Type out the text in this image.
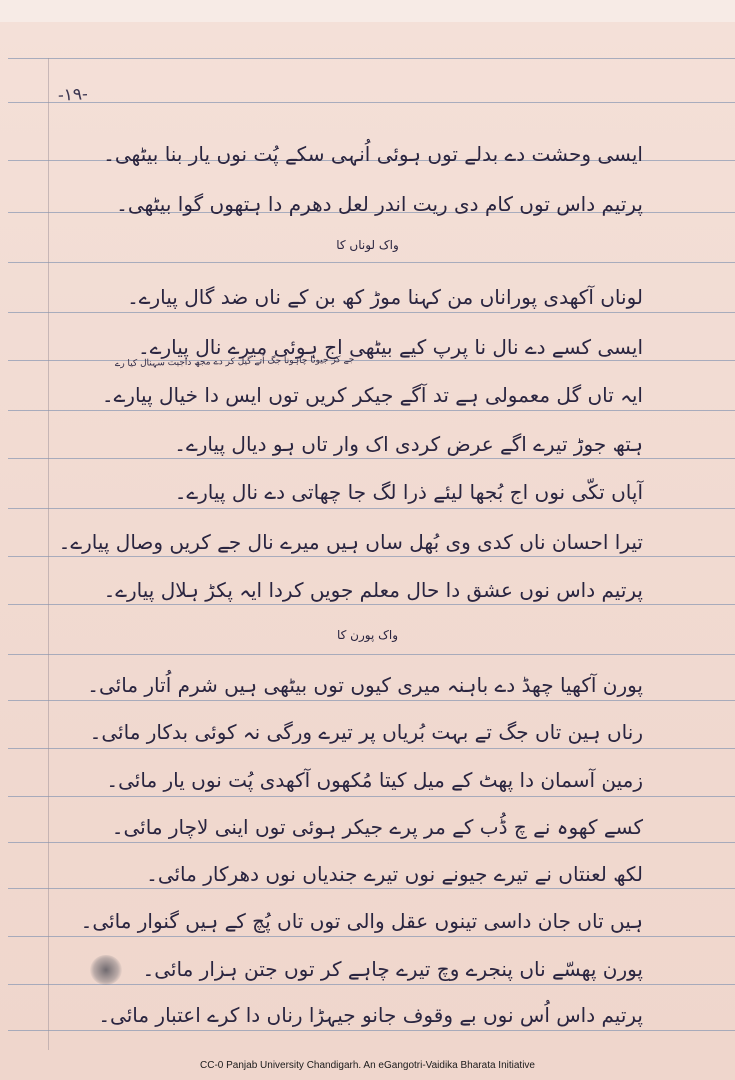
-١٩-
ایسی وحشت دے بدلے توں ہوئی اُنہی سکے پُت نوں یار بنا بیٹھی۔
پرتیم داس توں کام دی ریت اندر لعل دھرم دا ہتھوں گوا بیٹھی۔
واک لوناں کا
لوناں آکھدی پوراناں من کہنا موڑ کھ بن کے ناں ضد گال پیارے۔
ایسی کسے دے نال نا پرپ کیے بیٹھی اج ہوئی میرے نال پیارے۔
جے کر جیونا چاہونا جگ اُتے گیل کر دے مجھ داجیت سہنال کیا رے
ایہ تاں گل معمولی ہے تد آگے جیکر کریں توں ایس دا خیال پیارے۔
ہتھ جوڑ تیرے اگے عرض کردی اک وار تاں ہو دیال پیارے۔
آپاں تکّی نوں اج بُجھا لیئے ذرا لگ جا چھاتی دے نال پیارے۔
تیرا احسان ناں کدی وی بُھل ساں ہیں میرے نال جے کریں وصال پیارے۔
پرتیم داس نوں عشق دا حال معلم جویں کردا ایہ پکڑ ہلال پیارے۔
واک پورن کا
پورن آکھیا چھڈ دے باہنہ میری کیوں توں بیٹھی ہیں شرم اُتار مائی۔
رناں ہین تاں جگ تے بہت بُریاں پر تیرے ورگی نہ کوئی بدکار مائی۔
زمین آسمان دا پھٹ کے میل کیتا مُکھوں آکھدی پُت نوں یار مائی۔
کسے کھوہ نے چ ڈُب کے مر پرے جیکر ہوئی توں اینی لاچار مائی۔
لکھ لعنتاں نے تیرے جیونے نوں تیرے جندیاں نوں دھرکار مائی۔
ہیں تاں جان داسی تینوں عقل والی توں تاں پُچ کے ہیں گنوار مائی۔
پورن پھسّے ناں پنجرے وچ تیرے چاہے کر توں جتن ہزار مائی۔
پرتیم داس اُس نوں بے وقوف جانو جیہڑا رناں دا کرے اعتبار مائی۔
CC-0 Panjab University Chandigarh. An eGangotri-Vaidika Bharata Initiative
